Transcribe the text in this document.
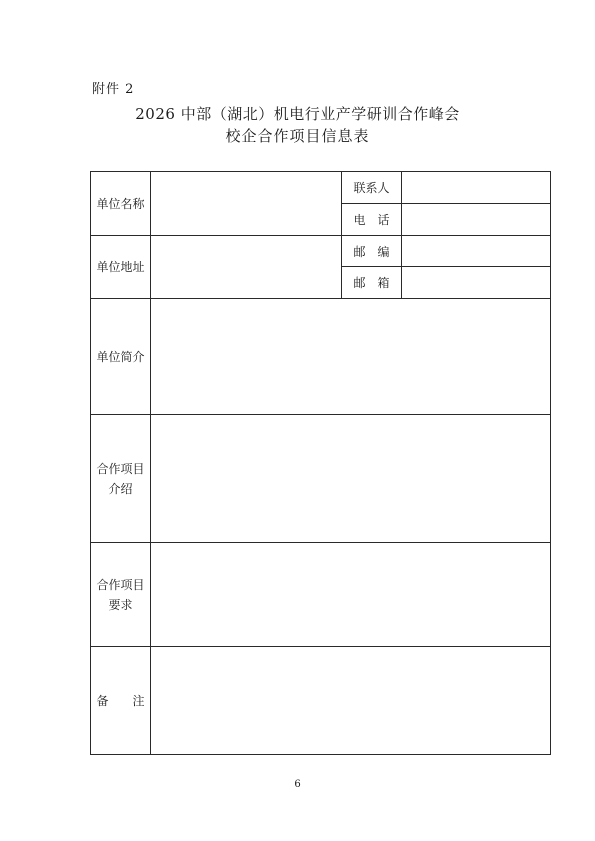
附件 2
2026 中部（湖北）机电行业产学研训合作峰会
校企合作项目信息表
单位名称		联系人	
		电　话	
单位地址		邮　编	
		邮　箱	
单位简介			

合作项目
介绍			

合作项目
要求			

备　　注			
6
